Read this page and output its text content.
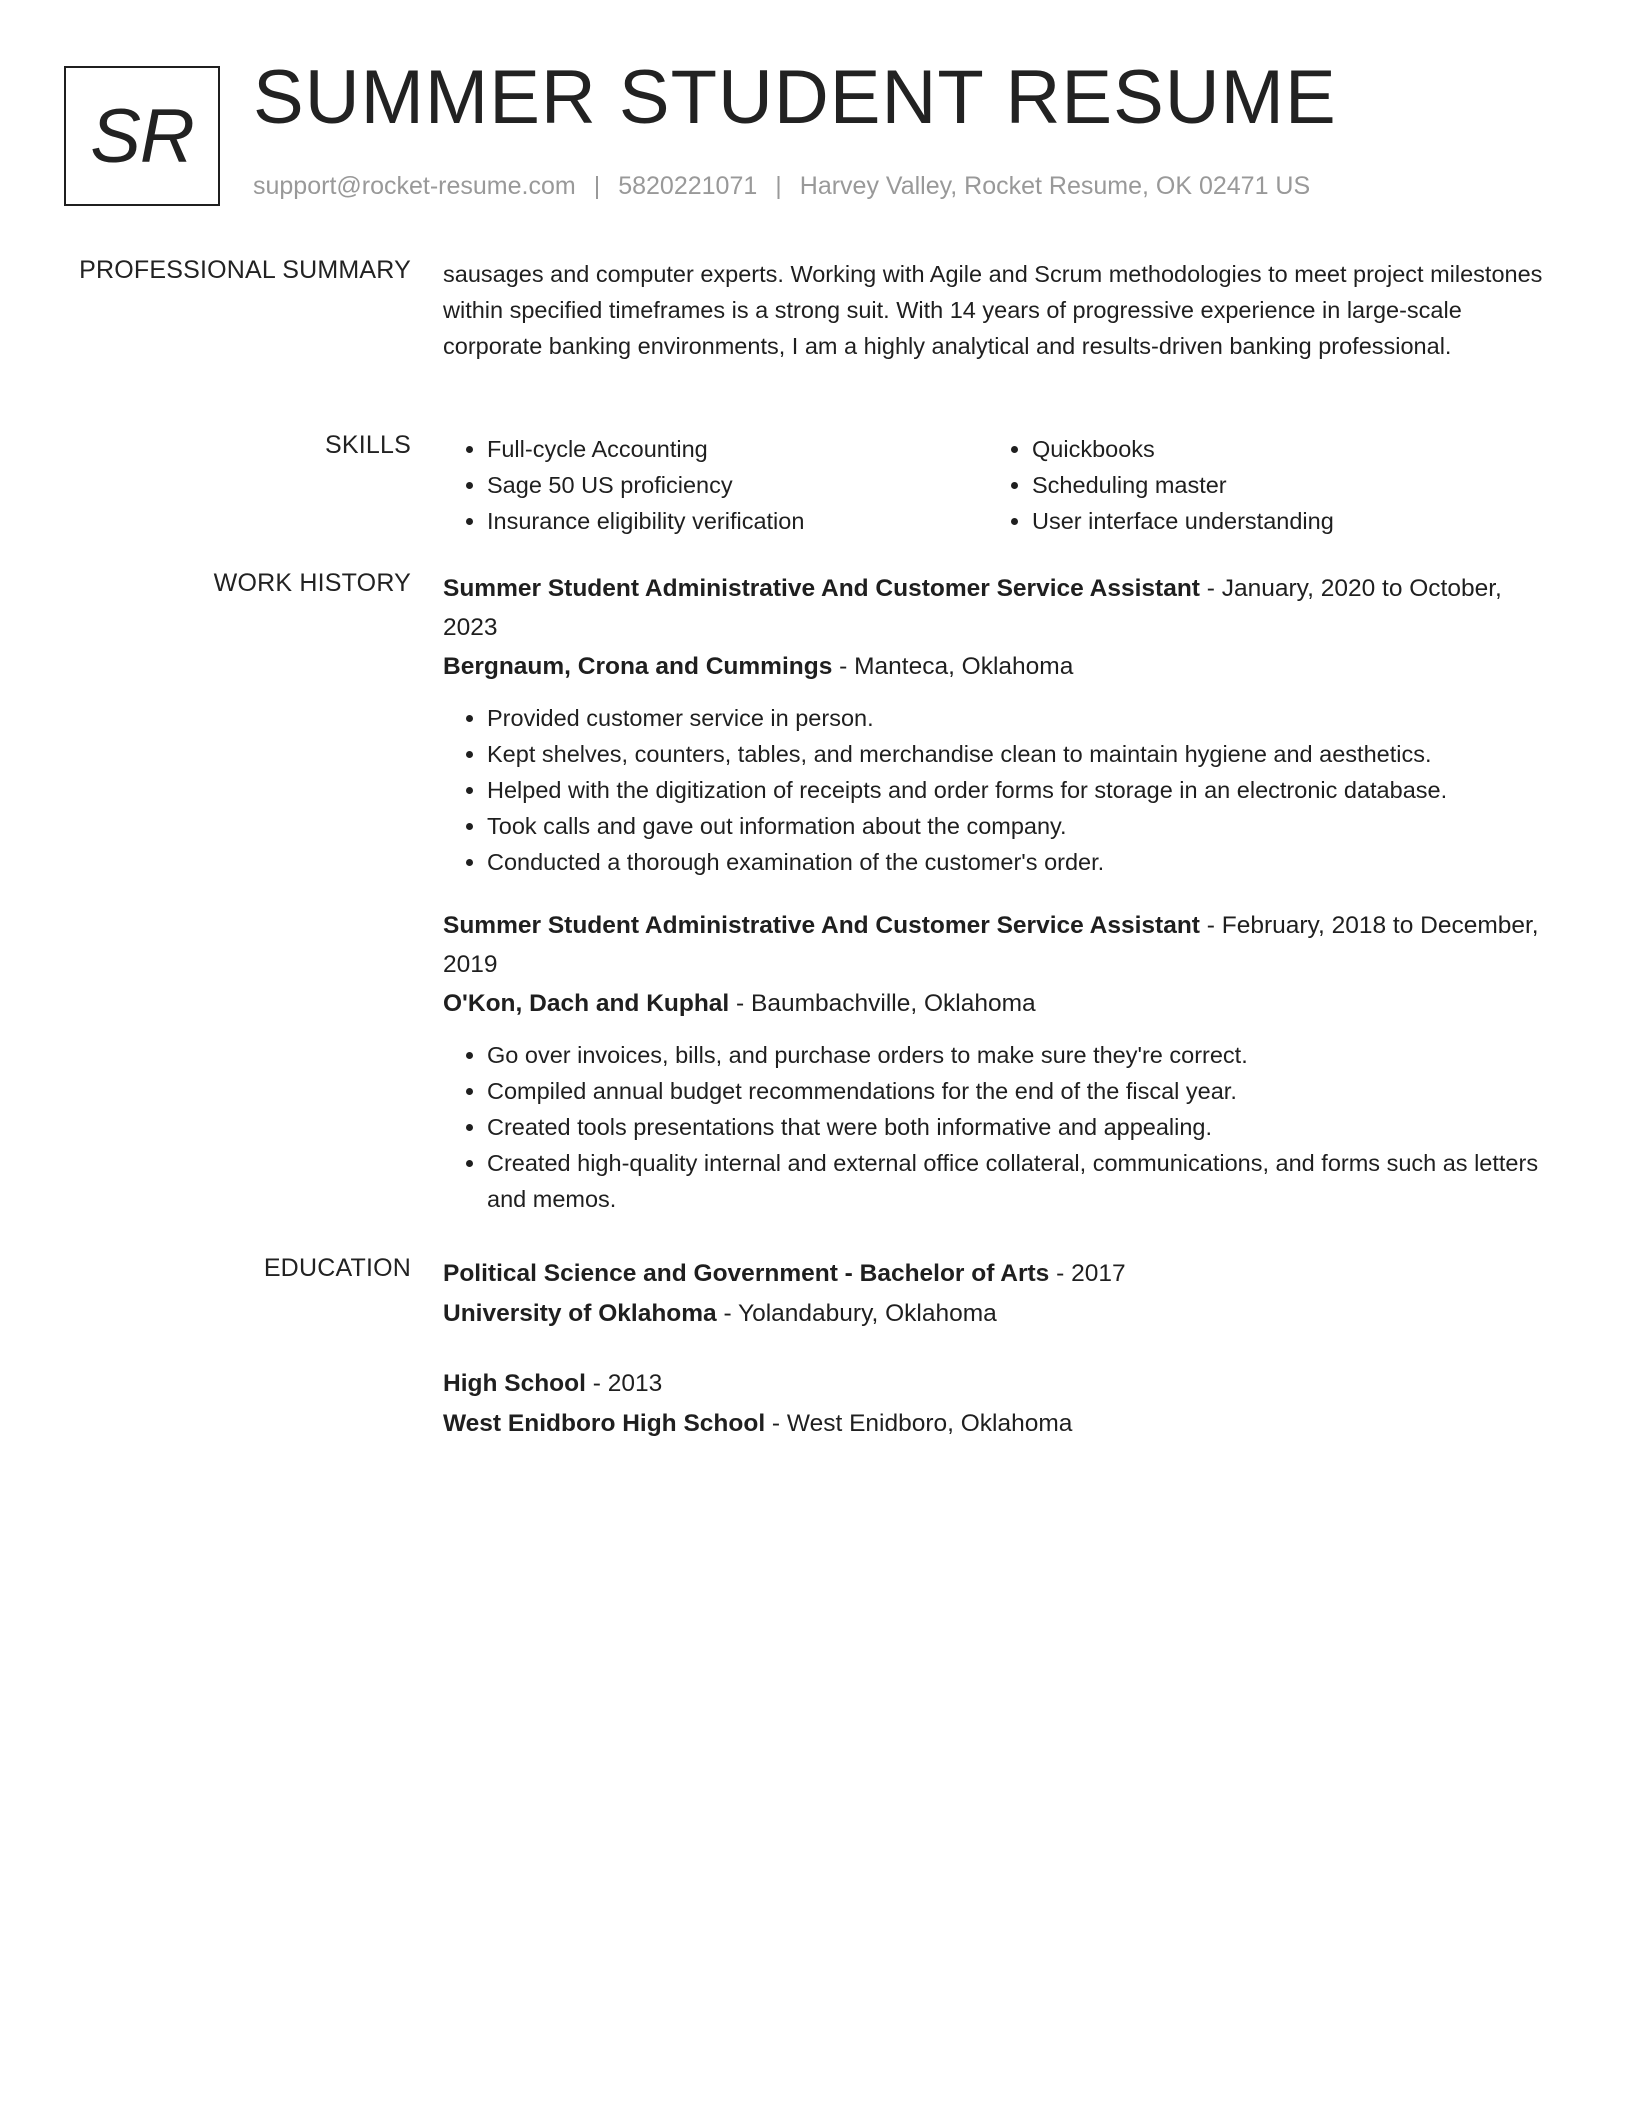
SR SUMMER STUDENT RESUME
support@rocket-resume.com | 5820221071 | Harvey Valley, Rocket Resume, OK 02471 US
PROFESSIONAL SUMMARY sausages and computer experts. Working with Agile and Scrum methodologies to meet project milestones within specified timeframes is a strong suit. With 14 years of progressive experience in large-scale corporate banking environments, I am a highly analytical and results-driven banking professional.

SKILLS
•	Full-cycle Accounting
• Sage 50 US proficiency
• Insurance eligibility verification
• Quickbooks
• Scheduling master
• User interface understanding
WORK HISTORY Summer Student Administrative And Customer Service Assistant - January, 2020 to October, 2023
Bergnaum, Crona and Cummings - Manteca, Oklahoma
• Provided customer service in person.
• Kept shelves, counters, tables, and merchandise clean to maintain hygiene and aesthetics.
• Helped with the digitization of receipts and order forms for storage in an electronic database.
• Took calls and gave out information about the company.
• Conducted a thorough examination of the customer's order.
Summer Student Administrative And Customer Service Assistant - February, 2018 to December, 2019
O'Kon, Dach and Kuphal - Baumbachville, Oklahoma
• Go over invoices, bills, and purchase orders to make sure they're correct.
• Compiled annual budget recommendations for the end of the fiscal year.
• Created tools presentations that were both informative and appealing.
• Created high-quality internal and external office collateral, communications, and forms such as letters and memos.
EDUCATION Political Science and Government - Bachelor of Arts - 2017
University of Oklahoma - Yolandabury, Oklahoma
High School - 2013
West Enidboro High School - West Enidboro, Oklahoma
